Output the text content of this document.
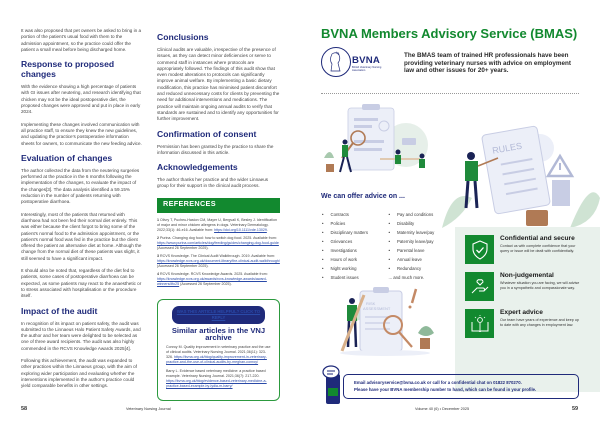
It was also proposed that pet owners be asked to bring in a portion of the patient's usual food with them to the admission appointment, so the practice could offer the patient a small meal before being discharged home.

Response to proposed changes

With the evidence showing a high percentage of patients with GI issues after neutering, and research identifying that chicken may not be the ideal postoperative diet, the proposed changes were approved and put in place in early 2024.

Implementing these changes involved communication with all practice staff, to ensure they knew the new guidelines, and updating the practice's postoperative information sheets for owners, to communicate the new feeding advice.

Evaluation of changes

The author collected the data from the neutering surgeries performed at the practice in the 6 months following the implementation of the changes, to evaluate the impact of the changes[3]. The data analysis identified a 59.15% reduction in the number of patients returning with postoperative diarrhoea.

Interestingly, most of the patients that returned with diarrhoea had not been fed their normal diet entirely. This was either because the client forgot to bring some of the patient's normal food to the admission appointment, or the patient's normal food was fed in the practice but the client offered the patient an alternative diet at home. Although the change from the normal diet of these patients was slight, it still seemed to have a significant impact.

It should also be noted that, regardless of the diet fed to patients, some cases of postoperative diarrhoea can be expected, as some patients may react to the anaesthetic or to stress associated with hospitalisation or the procedure itself.

Impact of the audit

In recognition of its impact on patient safety, the audit was submitted to the Linnaeus Halo Patient Safety Awards, and the author and her team were delighted to be selected as one of three award recipients. The audit was also highly commended in the RCVS Knowledge Awards 2025[4].

Following this achievement, the audit was expanded to other practices within the Linnaeus group, with the aim of exploring wider participation and evaluating whether the interventions implemented in the author's practice could yield comparable benefits in other settings.

Conclusions

Clinical audits are valuable, irrespective of the presence of issues, as they can detect minor deficiencies or serve to commend staff in instances where protocols are appropriately followed. The findings of this audit show that even modest alterations to protocols can significantly improve animal welfare. By implementing a basic dietary modification, this practice has minimised patient discomfort and reduced unnecessary costs for clients by preventing the need for additional interventions and medications. The practice will maintain ongoing annual audits to verify that standards are sustained and to identify any opportunities for further improvement.

Confirmation of consent

Permission has been granted by the practice to share the information discussed in this article.

Acknowledgements

The author thanks her practice and the wider Linnaeus group for their support in the clinical audit process.

REFERENCES
1 Olivry T, Pucheu-Haston CM, Mayer U, Bergvall K, Besley J. Identification of major and minor chicken allergens in dogs. Veterinary Dermatology. 2022;33(1): 46-e16. Available from: https://doi.org/10.1111/vde.13029.
2 Purina. Changing dog food: how to switch dog food. 2025. Available from: https://www.purina.com/articles/dog/feeding/guides/changing-dog-food-guide (Accessed 26 September 2025).
3 RCVS Knowledge. The Clinical Audit Walkthrough. 2019. Available from: https://knowledge.rcvs.org.uk/document-library/the-clinical-audit-walkthrough/ (Accessed 26 September 2025).
4 RCVS Knowledge. RCVS Knowledge Awards. 2025. Available from: https://knowledge.rcvs.org.uk/awards/rcvs-knowledge-awards/award-winners/#tc25 (Accessed 26 September 2025).
WAS THIS ARTICLE HELPFUL? CLICK TO REPLY
Similar articles in the VNJ archive
Conroy M. Quality improvement in veterinary practice and the use of clinical audits. Veterinary Nursing Journal. 2021;36(11): 323-326. https://bvna.org.uk/blog/quality-improvement-in-veterinary-practice-and-the-use-of-clinical-audits-by-meghan-conroy/
Barry L. Evidence based veterinary medicine: a practice based example. Veterinary Nursing Journal. 2021;36(7): 217-220. https://bvna.org.uk/blog/evidence-based-veterinary-medicine-a-practice-based-example-by-lydia-m-barry/
58	Veterinary Nursing Journal
BVNA Members Advisory Service (BMAS)
BVNA
British Veterinary Nursing Association
The BMAS team of trained HR professionals have been providing veterinary nurses with advice on employment law and other issues for 20+ years.
RULES
RISK
ASSESSMENT
We can offer advice on ...
• Contracts	• Pay and conditions
• Policies	• Disability
• Disciplinary matters	• Maternity leave/pay
• Grievances	• Paternity leave/pay
• Investigations	• Parental leave
• Hours of work	• Annual leave
• Night working	• Redundancy
• Student issues	... and much more.
Confidential and secure
Contact us with complete confidence that your query or issue will be dealt with confidentially.
Non-judgemental
Whatever situation you are facing, we will advise you in a sympathetic and compassionate way.
Expert advice
Our team have years of experience and keep up to date with any changes in employment law.
Email advisoryservice@bvna.co.uk or call for a confidential chat on 01822 870270.
Please have your BVNA membership number to hand, which can be found in your profile.
Volume 40 (6) • December 2025	59
